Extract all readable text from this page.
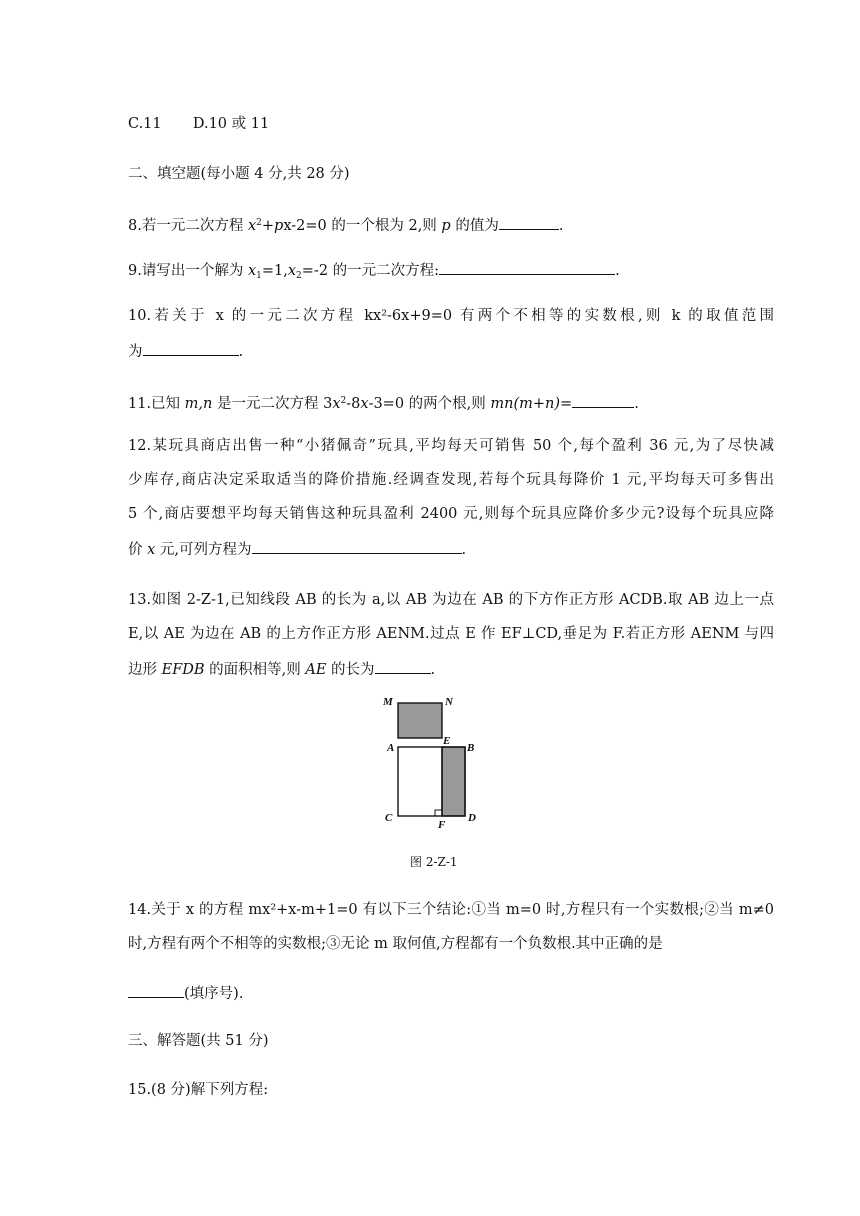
C.11 D.10 或 11
二、填空题(每小题 4 分,共 28 分)
8.若一元二次方程 $x^2+px-2=0$ 的一个根为 2,则 p 的值为	.
9.请写出一个解为 $x_1=1,x_2=-2$ 的一元二次方程:	.
10.若关于 x 的一元二次方程 kx²-6x+9=0 有两个不相等的实数根,则 k 的取值范围
为	.
11.已知 m,n 是一元二次方程 $3x^2-8x-3=0$ 的两个根,则 mn(m+n)=	.
12.某玩具商店出售一种“小猪佩奇”玩具,平均每天可销售 50 个,每个盈利 36 元,为了尽快减
少库存,商店决定采取适当的降价措施.经调查发现,若每个玩具每降价 1 元,平均每天可多售出
5 个,商店要想平均每天销售这种玩具盈利 2400 元,则每个玩具应降价多少元?设每个玩具应降
价 x 元,可列方程为	.
13.如图 2-Z-1,已知线段 AB 的长为 a,以 AB 为边在 AB 的下方作正方形 ACDB.取 AB 边上一点
E,以 AE 为边在 AB 的上方作正方形 AENM.过点 E 作 EF⊥CD,垂足为 F.若正方形 AENM 与四
边形 EFDB 的面积相等,则 AE 的长为	.
M	N
A
E
B
C
F
D
图 2-Z-1
14.关于 x 的方程 mx²+x-m+1=0 有以下三个结论:①当 m=0 时,方程只有一个实数根;②当 m≠0
时,方程有两个不相等的实数根;③无论 m 取何值,方程都有一个负数根.其中正确的是
(填序号).
三、解答题(共 51 分)
15.(8 分)解下列方程:
